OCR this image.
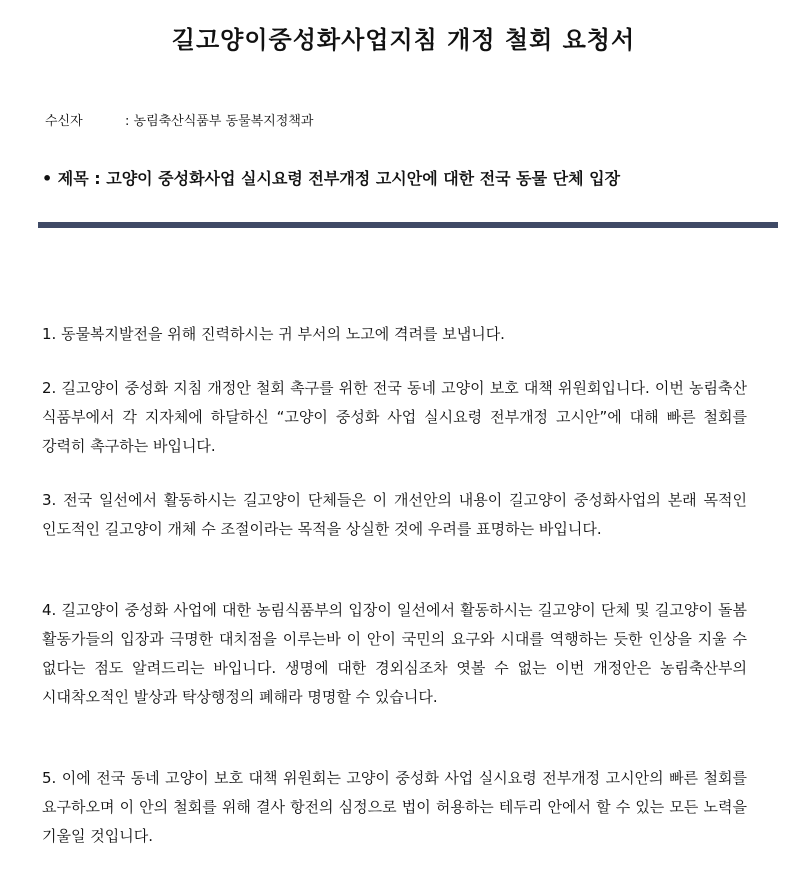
길고양이중성화사업지침 개정 철회 요청서
수신자	: 농림축산식품부 동물복지정책과
• 제목 : 고양이 중성화사업 실시요령 전부개정 고시안에 대한 전국 동물 단체 입장
1. 동물복지발전을 위해 진력하시는 귀 부서의 노고에 격려를 보냅니다.
2. 길고양이 중성화 지침 개정안 철회 촉구를 위한 전국 동네 고양이 보호 대책 위원회입니다. 이번 농림축산 식품부에서 각 지자체에 하달하신 “고양이 중성화 사업 실시요령 전부개정 고시안”에 대해 빠른 철회를 강력히 촉구하는 바입니다.
3. 전국 일선에서 활동하시는 길고양이 단체들은 이 개선안의 내용이 길고양이 중성화사업의 본래 목적인 인도적인 길고양이 개체 수 조절이라는 목적을 상실한 것에 우려를 표명하는 바입니다.
4. 길고양이 중성화 사업에 대한 농림식품부의 입장이 일선에서 활동하시는 길고양이 단체 및 길고양이 돌봄 활동가들의 입장과 극명한 대치점을 이루는바 이 안이 국민의 요구와 시대를 역행하는 듯한 인상을 지울 수 없다는 점도 알려드리는 바입니다. 생명에 대한 경외심조차 엿볼 수 없는 이번 개정안은 농림축산부의 시대착오적인 발상과 탁상행정의 폐해라 명명할 수 있습니다.
5. 이에 전국 동네 고양이 보호 대책 위원회는 고양이 중성화 사업 실시요령 전부개정 고시안의 빠른 철회를 요구하오며 이 안의 철회를 위해 결사 항전의 심정으로 법이 허용하는 테두리 안에서 할 수 있는 모든 노력을 기울일 것입니다.
